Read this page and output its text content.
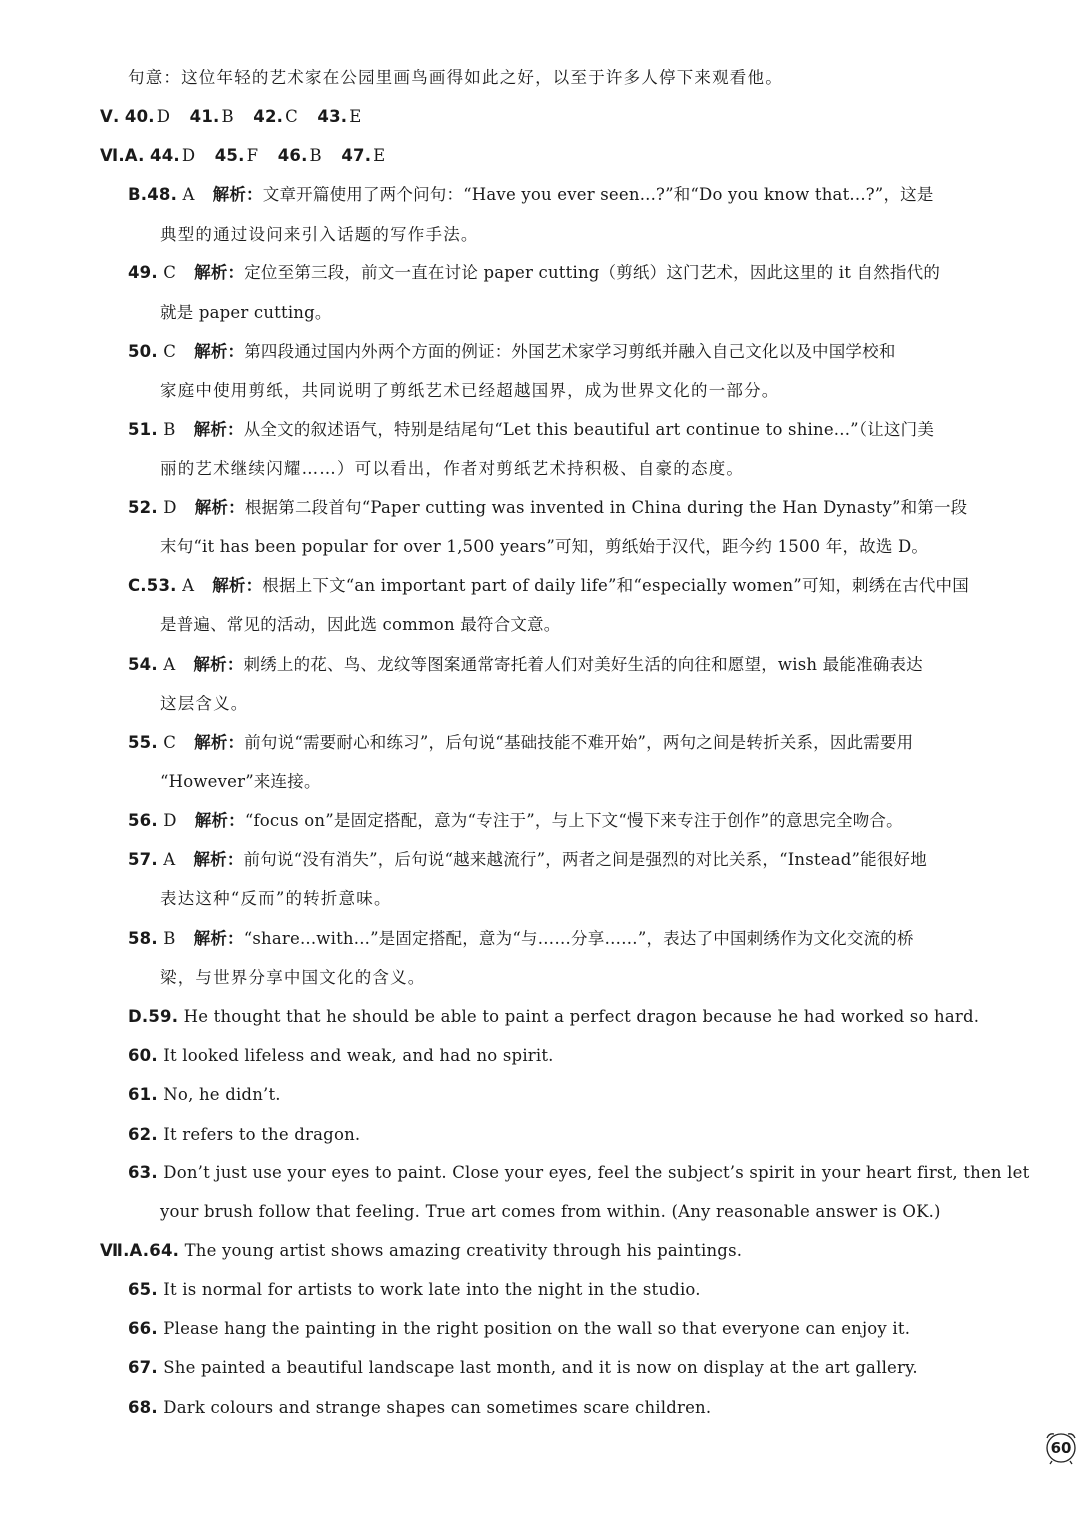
句意：这位年轻的艺术家在公园里画鸟画得如此之好，以至于许多人停下来观看他。
Ⅴ. 40. D 41. B 42. C 43. E
Ⅵ.A. 44. D 45. F 46. B 47. E
B.48. A 解析：文章开篇使用了两个问句：“Have you ever seen...?”和“Do you know that...?”，这是
典型的通过设问来引入话题的写作手法。
49. C 解析：定位至第三段，前文一直在讨论 paper cutting（剪纸）这门艺术，因此这里的 it 自然指代的
就是 paper cutting。
50. C 解析：第四段通过国内外两个方面的例证：外国艺术家学习剪纸并融入自己文化以及中国学校和
家庭中使用剪纸，共同说明了剪纸艺术已经超越国界，成为世界文化的一部分。
51. B 解析：从全文的叙述语气，特别是结尾句“Let this beautiful art continue to shine...”（让这门美
丽的艺术继续闪耀……）可以看出，作者对剪纸艺术持积极、自豪的态度。
52. D 解析：根据第二段首句“Paper cutting was invented in China during the Han Dynasty”和第一段
末句“it has been popular for over 1,500 years”可知，剪纸始于汉代，距今约 1500 年，故选 D。
C.53. A 解析：根据上下文“an important part of daily life”和“especially women”可知，刺绣在古代中国
是普遍、常见的活动，因此选 common 最符合文意。
54. A 解析：刺绣上的花、鸟、龙纹等图案通常寄托着人们对美好生活的向往和愿望，wish 最能准确表达
这层含义。
55. C 解析：前句说“需要耐心和练习”，后句说“基础技能不难开始”，两句之间是转折关系，因此需要用
“However”来连接。
56. D 解析：“focus on”是固定搭配，意为“专注于”，与上下文“慢下来专注于创作”的意思完全吻合。
57. A 解析：前句说“没有消失”，后句说“越来越流行”，两者之间是强烈的对比关系，“Instead”能很好地
表达这种“反而”的转折意味。
58. B 解析：“share...with...”是固定搭配，意为“与……分享……”，表达了中国刺绣作为文化交流的桥
梁，与世界分享中国文化的含义。
D.59. He thought that he should be able to paint a perfect dragon because he had worked so hard.
60. It looked lifeless and weak, and had no spirit.
61. No, he didn’t.
62. It refers to the dragon.
63. Don’t just use your eyes to paint. Close your eyes, feel the subject’s spirit in your heart first, then let
your brush follow that feeling. True art comes from within. (Any reasonable answer is OK.)
Ⅶ.A.64. The young artist shows amazing creativity through his paintings.
65. It is normal for artists to work late into the night in the studio.
66. Please hang the painting in the right position on the wall so that everyone can enjoy it.
67. She painted a beautiful landscape last month, and it is now on display at the art gallery.
68. Dark colours and strange shapes can sometimes scare children.
60
